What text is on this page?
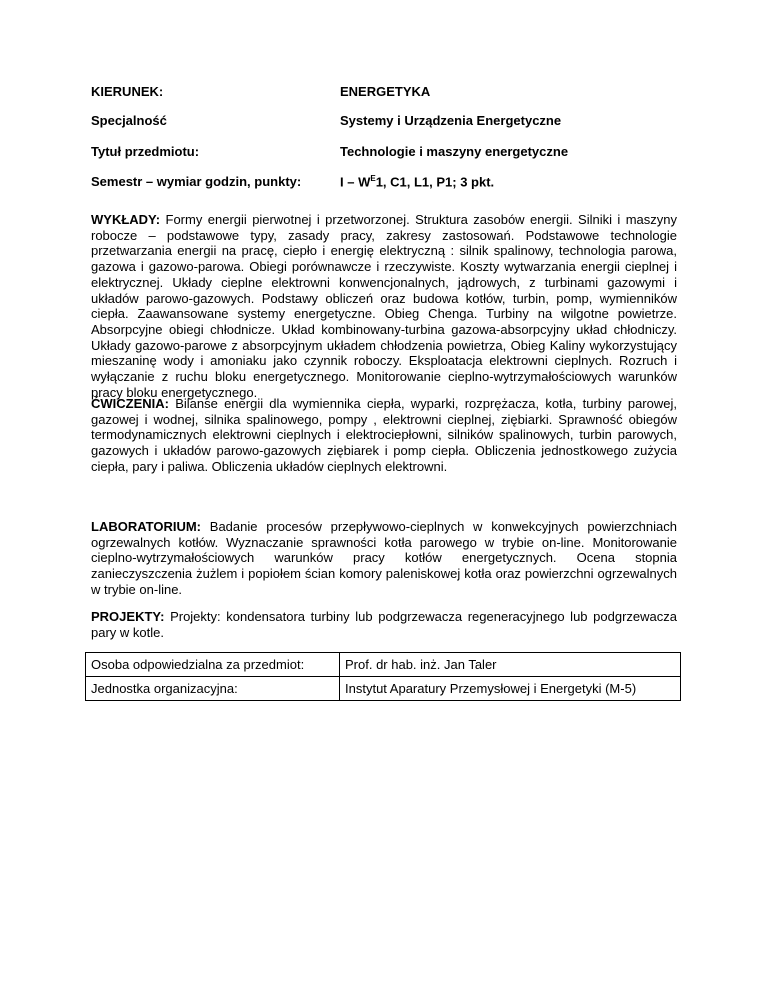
KIERUNEK:	ENERGETYKA
Specjalność	Systemy i Urządzenia Energetyczne
Tytuł przedmiotu:	Technologie i maszyny energetyczne
Semestr – wymiar godzin, punkty:	I – $W^E1$, C1, L1, P1; 3 pkt.
WYKŁADY: Formy energii pierwotnej i przetworzonej. Struktura zasobów energii. Silniki i maszyny robocze – podstawowe typy, zasady pracy, zakresy zastosowań. Podstawowe technologie przetwarzania energii na pracę, ciepło i energię elektryczną : silnik spalinowy, technologia parowa, gazowa i gazowo-parowa. Obiegi porównawcze i rzeczywiste. Koszty wytwarzania energii cieplnej i elektrycznej. Układy cieplne elektrowni konwencjonalnych, jądrowych, z turbinami gazowymi i układów parowo-gazowych. Podstawy obliczeń oraz budowa kotłów, turbin, pomp, wymienników ciepła. Zaawansowane systemy energetyczne. Obieg Chenga. Turbiny na wilgotne powietrze. Absorpcyjne obiegi chłodnicze. Układ kombinowany-turbina gazowa-absorpcyjny układ chłodniczy. Układy gazowo-parowe z absorpcyjnym układem chłodzenia powietrza, Obieg Kaliny wykorzystujący mieszaninę wody i amoniaku jako czynnik roboczy. Eksploatacja elektrowni cieplnych. Rozruch i wyłączanie z ruchu bloku energetycznego. Monitorowanie cieplno-wytrzymałościowych warunków pracy bloku energetycznego.
ĆWICZENIA: Bilanse energii dla wymiennika ciepła, wyparki, rozprężacza, kotła, turbiny parowej, gazowej i wodnej, silnika spalinowego, pompy , elektrowni cieplnej, ziębiarki. Sprawność obiegów termodynamicznych elektrowni cieplnych i elektrociepłowni, silników spalinowych, turbin parowych, gazowych i układów parowo-gazowych ziębiarek i pomp ciepła. Obliczenia jednostkowego zużycia ciepła, pary i paliwa. Obliczenia układów cieplnych elektrowni.
LABORATORIUM: Badanie procesów przepływowo-cieplnych w konwekcyjnych powierzchniach ogrzewalnych kotłów. Wyznaczanie sprawności kotła parowego w trybie on-line. Monitorowanie cieplno-wytrzymałościowych warunków pracy kotłów energetycznych. Ocena stopnia zanieczyszczenia żużlem i popiołem ścian komory paleniskowej kotła oraz powierzchni ogrzewalnych w trybie on-line.
PROJEKTY: Projekty: kondensatora turbiny lub podgrzewacza regeneracyjnego lub podgrzewacza pary w kotle.
Osoba odpowiedzialna za przedmiot:	Prof. dr hab. inż. Jan Taler
Jednostka organizacyjna:	Instytut Aparatury Przemysłowej i Energetyki (M-5)
